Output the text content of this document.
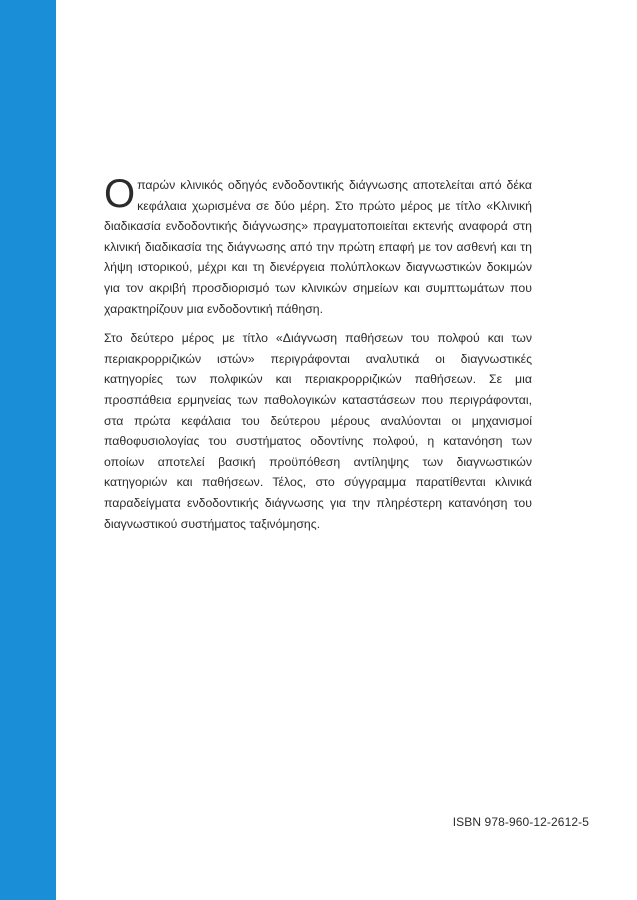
Ο παρών κλινικός οδηγός ενδοδοντικής διάγνωσης αποτελείται από δέκα κεφάλαια χωρισμένα σε δύο μέρη. Στο πρώτο μέρος με τίτλο «Κλινική διαδικασία ενδοδοντικής διάγνωσης» πραγματοποιείται εκτενής αναφορά στη κλινική διαδικασία της διάγνωσης από την πρώτη επαφή με τον ασθενή και τη λήψη ιστορικού, μέχρι και τη διενέργεια πολύπλοκων διαγνωστικών δοκιμών για τον ακριβή προσδιορισμό των κλινικών σημείων και συμπτωμάτων που χαρακτηρίζουν μια ενδοδοντική πάθηση.

Στο δεύτερο μέρος με τίτλο «Διάγνωση παθήσεων του πολφού και των περιακρορριζικών ιστών» περιγράφονται αναλυτικά οι διαγνωστικές κατηγορίες των πολφικών και περιακρορριζικών παθήσεων. Σε μια προσπάθεια ερμηνείας των παθολογικών καταστάσεων που περιγράφονται, στα πρώτα κεφάλαια του δεύτερου μέρους αναλύονται οι μηχανισμοί παθοφυσιολογίας του συστήματος οδοντίνης πολφού, η κατανόηση των οποίων αποτελεί βασική προϋπόθεση αντίληψης των διαγνωστικών κατηγοριών και παθήσεων. Τέλος, στο σύγγραμμα παρατίθενται κλινικά παραδείγματα ενδοδοντικής διάγνωσης για την πληρέστερη κατανόηση του διαγνωστικού συστήματος ταξινόμησης.

ISBN 978-960-12-2612-5
